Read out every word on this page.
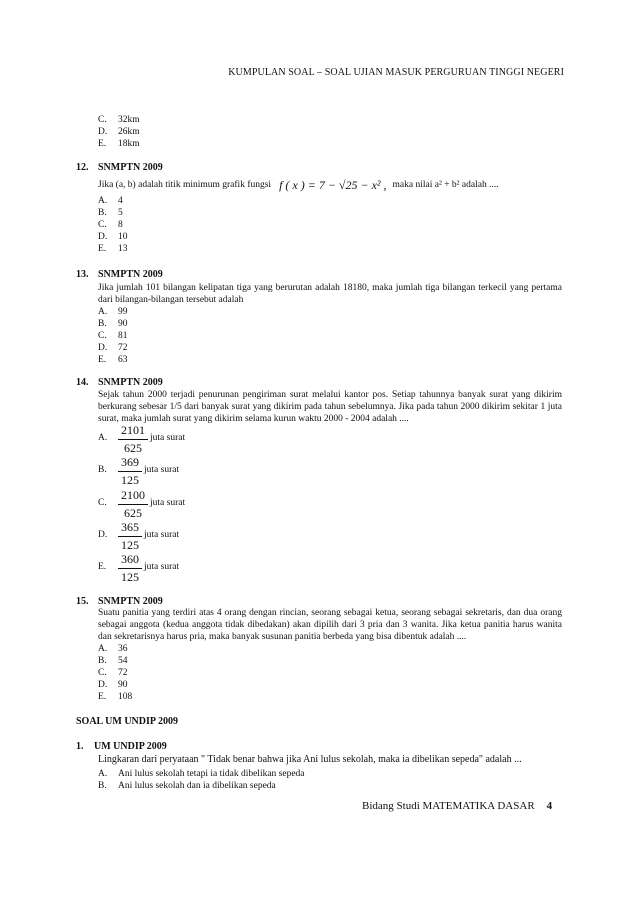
KUMPULAN SOAL – SOAL UJIAN MASUK PERGURUAN TINGGI NEGERI
C.	32km
D.	26km
E.	18km
12. SNMPTN 2009
Jika (a, b) adalah titik minimum grafik fungsi f ( x ) = 7 − √25 − x² , maka nilai a² + b² adalah ....
A.	4
B.	5
C.	8
D.	10
E.	13
13. SNMPTN 2009
Jika jumlah 101 bilangan kelipatan tiga yang berurutan adalah 18180, maka jumlah tiga bilangan terkecil yang pertama dari bilangan-bilangan tersebut adalah
A.	99
B.	90
C.	81
D.	72
E.	63
14. SNMPTN 2009
Sejak tahun 2000 terjadi penurunan pengiriman surat melalui kantor pos. Setiap tahunnya banyak surat yang dikirim berkurang sebesar 1/5 dari banyak surat yang dikirim pada tahun sebelumnya. Jika pada tahun 2000 dikirim sekitar 1 juta surat, maka jumlah surat yang dikirim selama kurun waktu 2000 - 2004 adalah ....
A. $\frac{2101}{625}$ juta surat
B. $\frac{369}{125}$ juta surat
C. $\frac{2100}{625}$ juta surat
D. $\frac{365}{125}$ juta surat
E. $\frac{360}{125}$ juta surat
15. SNMPTN 2009
Suatu panitia yang terdiri atas 4 orang dengan rincian, seorang sebagai ketua, seorang sebagai sekretaris, dan dua orang sebagai anggota (kedua anggota tidak dibedakan) akan dipilih dari 3 pria dan 3 wanita. Jika ketua panitia harus wanita dan sekretarisnya harus pria, maka banyak susunan panitia berbeda yang bisa dibentuk adalah ....
A.	36
B.	54
C.	72
D.	90
E.	108
SOAL UM UNDIP 2009
1. UM UNDIP 2009
Lingkaran dari peryataan " Tidak benar bahwa jika Ani lulus sekolah, maka ia dibelikan sepeda" adalah ...
A.	Ani lulus sekolah tetapi ia tidak dibelikan sepeda
B.	Ani lulus sekolah dan ia dibelikan sepeda
Bidang Studi MATEMATIKA DASAR 4
